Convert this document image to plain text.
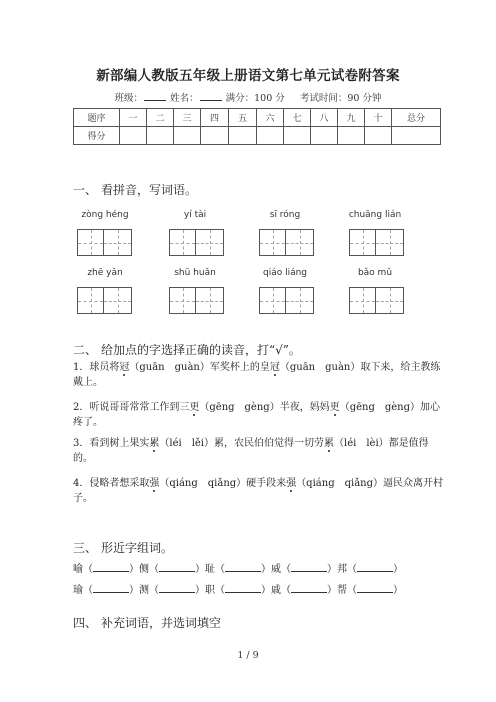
新部编人教版五年级上册语文第七单元试卷附答案
班级：	姓名：	满分：100 分 考试时间：90 分钟
题序	一	二	三	四	五	六	七	八	九	十	总分
得分											
一、 看拼音，写词语。
zòng héng	yí tài	sī róng	chuāng lián
zhē yǎn	shū huǎn	qiáo liáng	bǎo mǔ
二、 给加点的字选择正确的读音，打“√”。
1．球员将冠（guān　guàn）军奖杯上的皇冠（guān　guàn）取下来，给主教练
戴上。
2．听说哥哥常常工作到三更（gēng　gèng）半夜，妈妈更（gēng　gèng）加心
疼了。
3．看到树上果实累（léi　lěi）累，农民伯伯觉得一切劳累（léi　lèi）都是值得
的。
4．侵略者想采取强（qiáng　qiǎng）硬手段来强（qiáng　qiǎng）逼民众离开村
子。
三、 形近字组词。
喻（	）侧（	）耻（	）威（	）邦（	）
瑜（	）测（	）职（	）戚（	）帮（	）
四、 补充词语，并选词填空
1 / 9
